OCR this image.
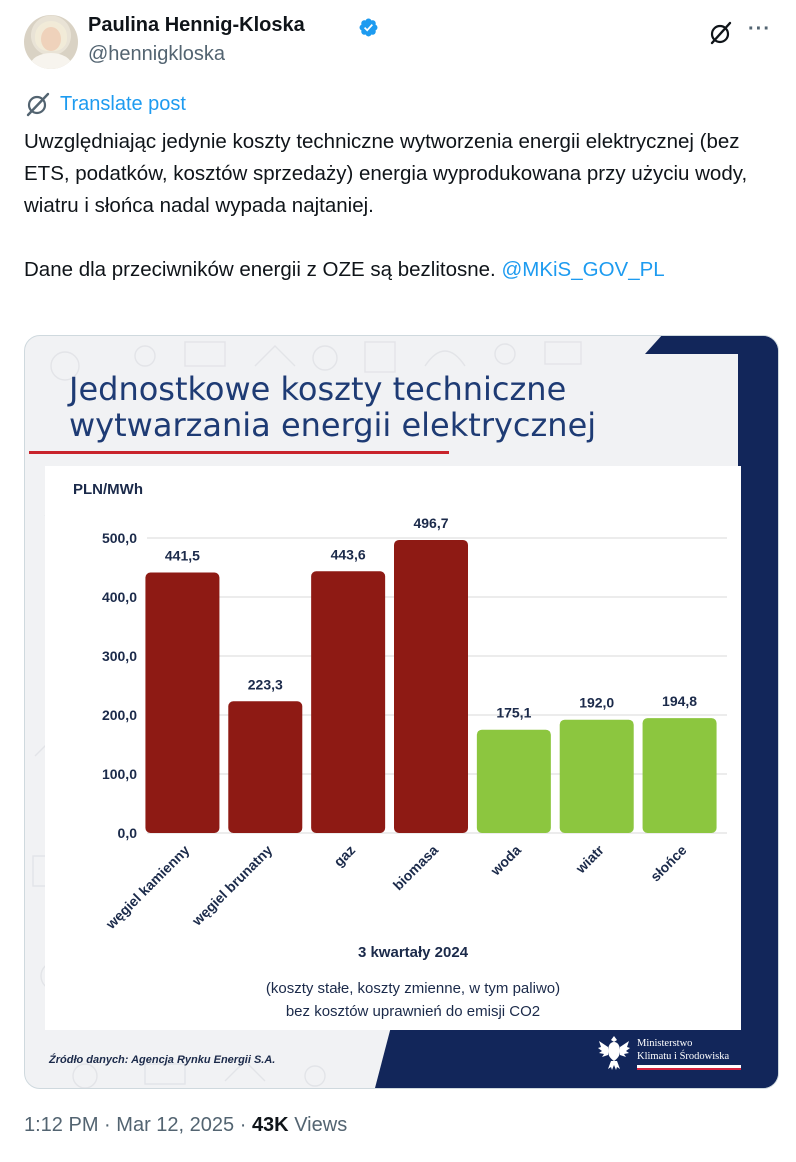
Paulina Hennig-Kloska
@hennigkloska
···
Translate post

Uwzględniając jedynie koszty techniczne wytworzenia energii elektrycznej (bez ETS, podatków, kosztów sprzedaży) energia wyprodukowana przy użyciu wody, wiatru i słońca nadal wypada najtaniej.

Dane dla przeciwników energii z OZE są bezlitosne. @MKiS_GOV_PL

Jednostkowe koszty techniczne
wytwarzania energii elektrycznej
PLN/MWh
0,0
100,0
200,0
300,0
400,0
500,0
441,5
węgiel kamienny
223,3
węgiel brunatny
443,6
gaz
496,7
biomasa
175,1
woda
192,0
wiatr
194,8
słońce
3 kwartały 2024
(koszty stałe, koszty zmienne, w tym paliwo)
bez kosztów uprawnień do emisji CO2
Źródło danych: Agencja Rynku Energii S.A.
Ministerstwo
Klimatu i Środowiska
1:12 PM · Mar 12, 2025 · 43K Views
